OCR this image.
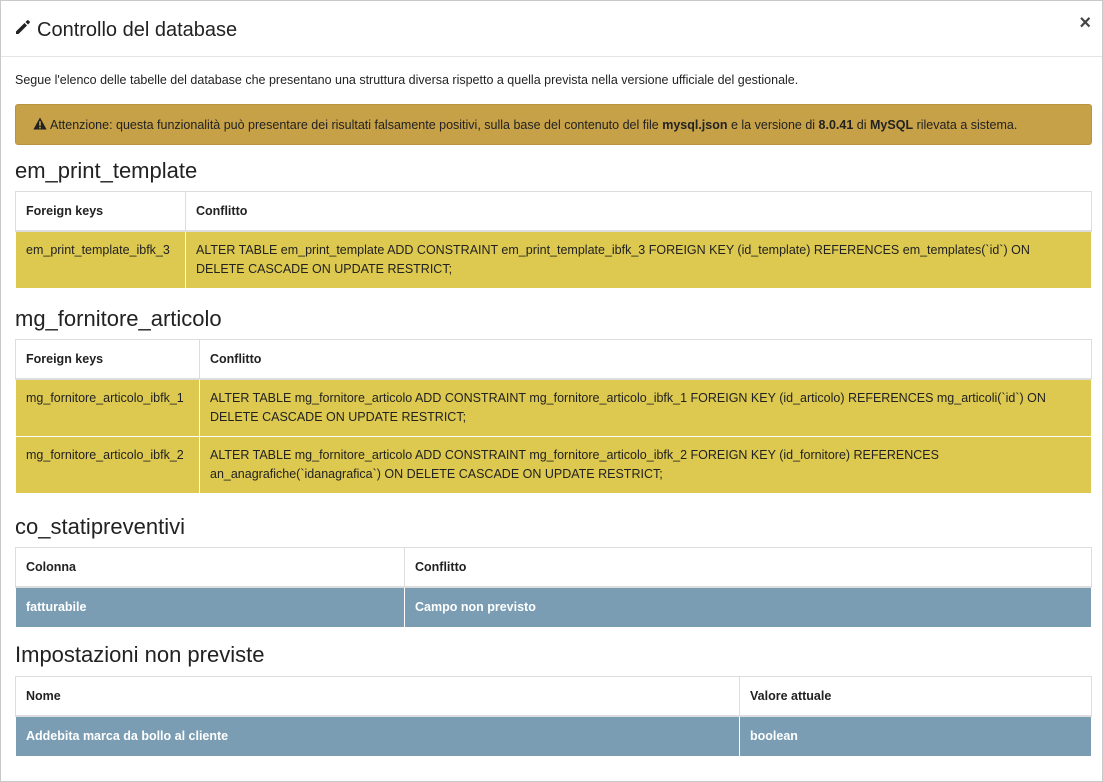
Controllo del database	×
Segue l'elenco delle tabelle del database che presentano una struttura diversa rispetto a quella prevista nella versione ufficiale del gestionale.
Attenzione: questa funzionalità può presentare dei risultati falsamente positivi, sulla base del contenuto del file
mysql.json
e la versione di
8.0.41
di
MySQL
rilevata a sistema.
em_print_template
Foreign keys	Conflitto
em_print_template_ibfk_3	ALTER TABLE em_print_template ADD CONSTRAINT em_print_template_ibfk_3 FOREIGN KEY (id_template) REFERENCES em_templates(`id`) ON DELETE CASCADE ON UPDATE RESTRICT;
mg_fornitore_articolo
Foreign keys	Conflitto
mg_fornitore_articolo_ibfk_1	ALTER TABLE mg_fornitore_articolo ADD CONSTRAINT mg_fornitore_articolo_ibfk_1 FOREIGN KEY (id_articolo) REFERENCES mg_articoli(`id`) ON DELETE CASCADE ON UPDATE RESTRICT;
mg_fornitore_articolo_ibfk_2	ALTER TABLE mg_fornitore_articolo ADD CONSTRAINT mg_fornitore_articolo_ibfk_2 FOREIGN KEY (id_fornitore) REFERENCES an_anagrafiche(`idanagrafica`) ON DELETE CASCADE ON UPDATE RESTRICT;
co_statipreventivi
Colonna	Conflitto
fatturabile	Campo non previsto
Impostazioni non previste
Nome	Valore attuale
Addebita marca da bollo al cliente	boolean
